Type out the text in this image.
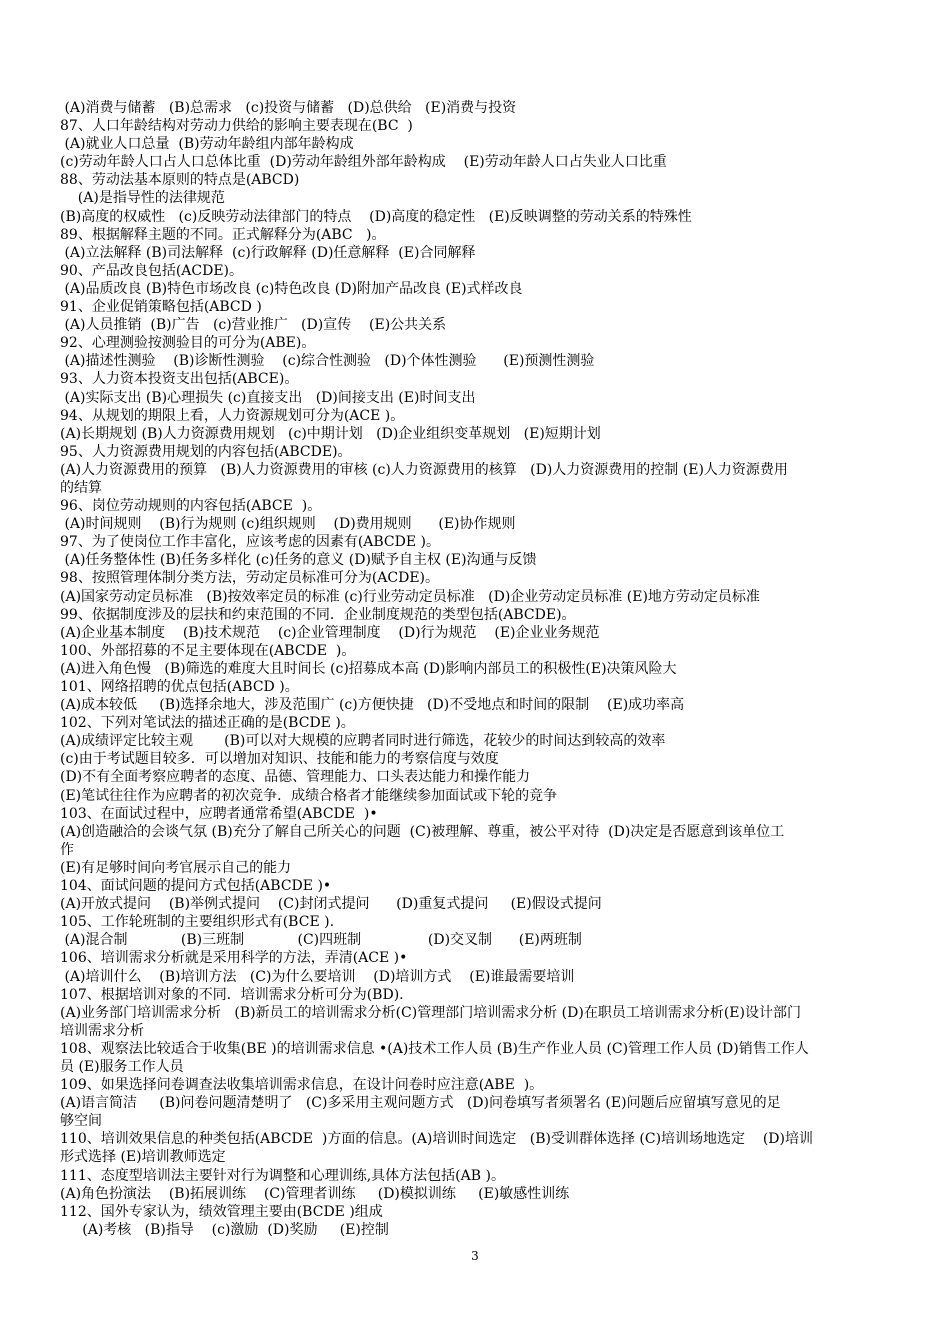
(A)消费与储蓄   (B)总需求   (c)投资与储蓄   (D)总供给   (E)消费与投资
87、人口年龄结构对劳动力供给的影响主要表现在(BC  )
(A)就业人口总量  (B)劳动年龄组内部年龄构成
(c)劳动年龄人口占人口总体比重  (D)劳动年龄组外部年龄构成    (E)劳动年龄人口占失业人口比重
88、劳动法基本原则的特点是(ABCD)
(A)是指导性的法律规范
(B)高度的权威性   (c)反映劳动法律部门的特点    (D)高度的稳定性   (E)反映调整的劳动关系的特殊性
89、根据解释主题的不同。正式解释分为(ABC   )。
(A)立法解释 (B)司法解释  (c)行政解释 (D)任意解释  (E)合同解释
90、产品改良包括(ACDE)。
(A)品质改良 (B)特色市场改良 (c)特色改良 (D)附加产品改良 (E)式样改良
91、企业促销策略包括(ABCD )
(A)人员推销  (B)广告   (c)营业推广   (D)宣传    (E)公共关系
92、心理测验按测验目的可分为(ABE)。
(A)描述性测验    (B)诊断性测验    (c)综合性测验   (D)个体性测验      (E)预测性测验
93、人力资本投资支出包括(ABCE)。
(A)实际支出 (B)心理损失 (c)直接支出   (D)间接支出 (E)时间支出
94、从规划的期限上看，人力资源规划可分为(ACE )。
(A)长期规划 (B)人力资源费用规划   (c)中期计划   (D)企业组织变革规划   (E)短期计划
95、人力资源费用规划的内容包括(ABCDE)。
(A)人力资源费用的预算   (B)人力资源费用的审核 (c)人力资源费用的核算   (D)人力资源费用的控制 (E)人力资源费用
的结算
96、岗位劳动规则的内容包括(ABCE  )。
(A)时间规则    (B)行为规则 (c)组织规则    (D)费用规则      (E)协作规则
97、为了使岗位工作丰富化，应该考虑的因素有(ABCDE )。
(A)任务整体性 (B)任务多样化 (c)任务的意义 (D)赋予自主权 (E)沟通与反馈
98、按照管理体制分类方法，劳动定员标准可分为(ACDE)。
(A)国家劳动定员标准   (B)按效率定员的标准 (c)行业劳动定员标准   (D)企业劳动定员标准 (E)地方劳动定员标准
99、依据制度涉及的层扶和约束范围的不同．企业制度规范的类型包括(ABCDE)。
(A)企业基本制度    (B)技术规范    (c)企业管理制度    (D)行为规范    (E)企业业务规范
100、外部招募的不足主要体现在(ABCDE  )。
(A)进入角色慢   (B)筛选的难度大且时间长 (c)招募成本高 (D)影响内部员工的积极性(E)决策风险大
101、网络招聘的优点包括(ABCD )。
(A)成本较低     (B)选择余地大，涉及范围广 (c)方便快捷   (D)不受地点和时间的限制    (E)成功率高
102、下列对笔试法的描述正确的是(BCDE )。
(A)成绩评定比较主观       (B)可以对大规模的应聘者同时进行筛选，花较少的时间达到较高的效率
(c)由于考试题目较多．可以增加对知识、技能和能力的考察信度与效度
(D)不有全面考察应聘者的态度、品德、管理能力、口头表达能力和操作能力
(E)笔试往往作为应聘者的初次竞争．成绩合格者才能继续参加面试或下轮的竞争
103、在面试过程中，应聘者通常希望(ABCDE  )•
(A)创造融洽的会谈气氛 (B)充分了解自己所关心的问题  (C)被理解、尊重，被公平对待  (D)决定是否愿意到该单位工
作
(E)有足够时间向考官展示自己的能力
104、面试问题的提问方式包括(ABCDE )•
(A)开放式提问    (B)举例式提问    (C)封闭式提问      (D)重复式提问     (E)假设式提问
105、工作轮班制的主要组织形式有(BCE ).
(A)混合制            (B)三班制            (C)四班制               (D)交叉制      (E)两班制
106、培训需求分析就是采用科学的方法，弄清(ACE )•
(A)培训什么    (B)培训方法   (C)为什么要培训    (D)培训方式    (E)谁最需要培训
107、根据培训对象的不同．培训需求分析可分为(BD).
(A)业务部门培训需求分析   (B)新员工的培训需求分析(C)管理部门培训需求分析 (D)在职员工培训需求分析(E)设计部门
培训需求分析
108、观察法比较适合于收集(BE )的培训需求信息 •(A)技术工作人员 (B)生产作业人员 (C)管理工作人员 (D)销售工作人
员 (E)服务工作人员
109、如果选择问卷调查法收集培训需求信息，在设计问卷时应注意(ABE  )。
(A)语言简洁     (B)问卷问题清楚明了   (C)多采用主观问题方式   (D)问卷填写者须署名 (E)问题后应留填写意见的足
够空间
110、培训效果信息的种类包括(ABCDE  )方面的信息。(A)培训时间选定   (B)受训群体选择 (C)培训场地选定    (D)培训
形式选择 (E)培训教师选定
111、态度型培训法主要针对行为调整和心理训练,具体方法包括(AB )。
(A)角色扮演法    (B)拓展训练    (C)管理者训练     (D)模拟训练     (E)敏感性训练
112、国外专家认为，绩效管理主要由(BCDE )组成
(A)考核   (B)指导    (c)激励  (D)奖励     (E)控制
3
